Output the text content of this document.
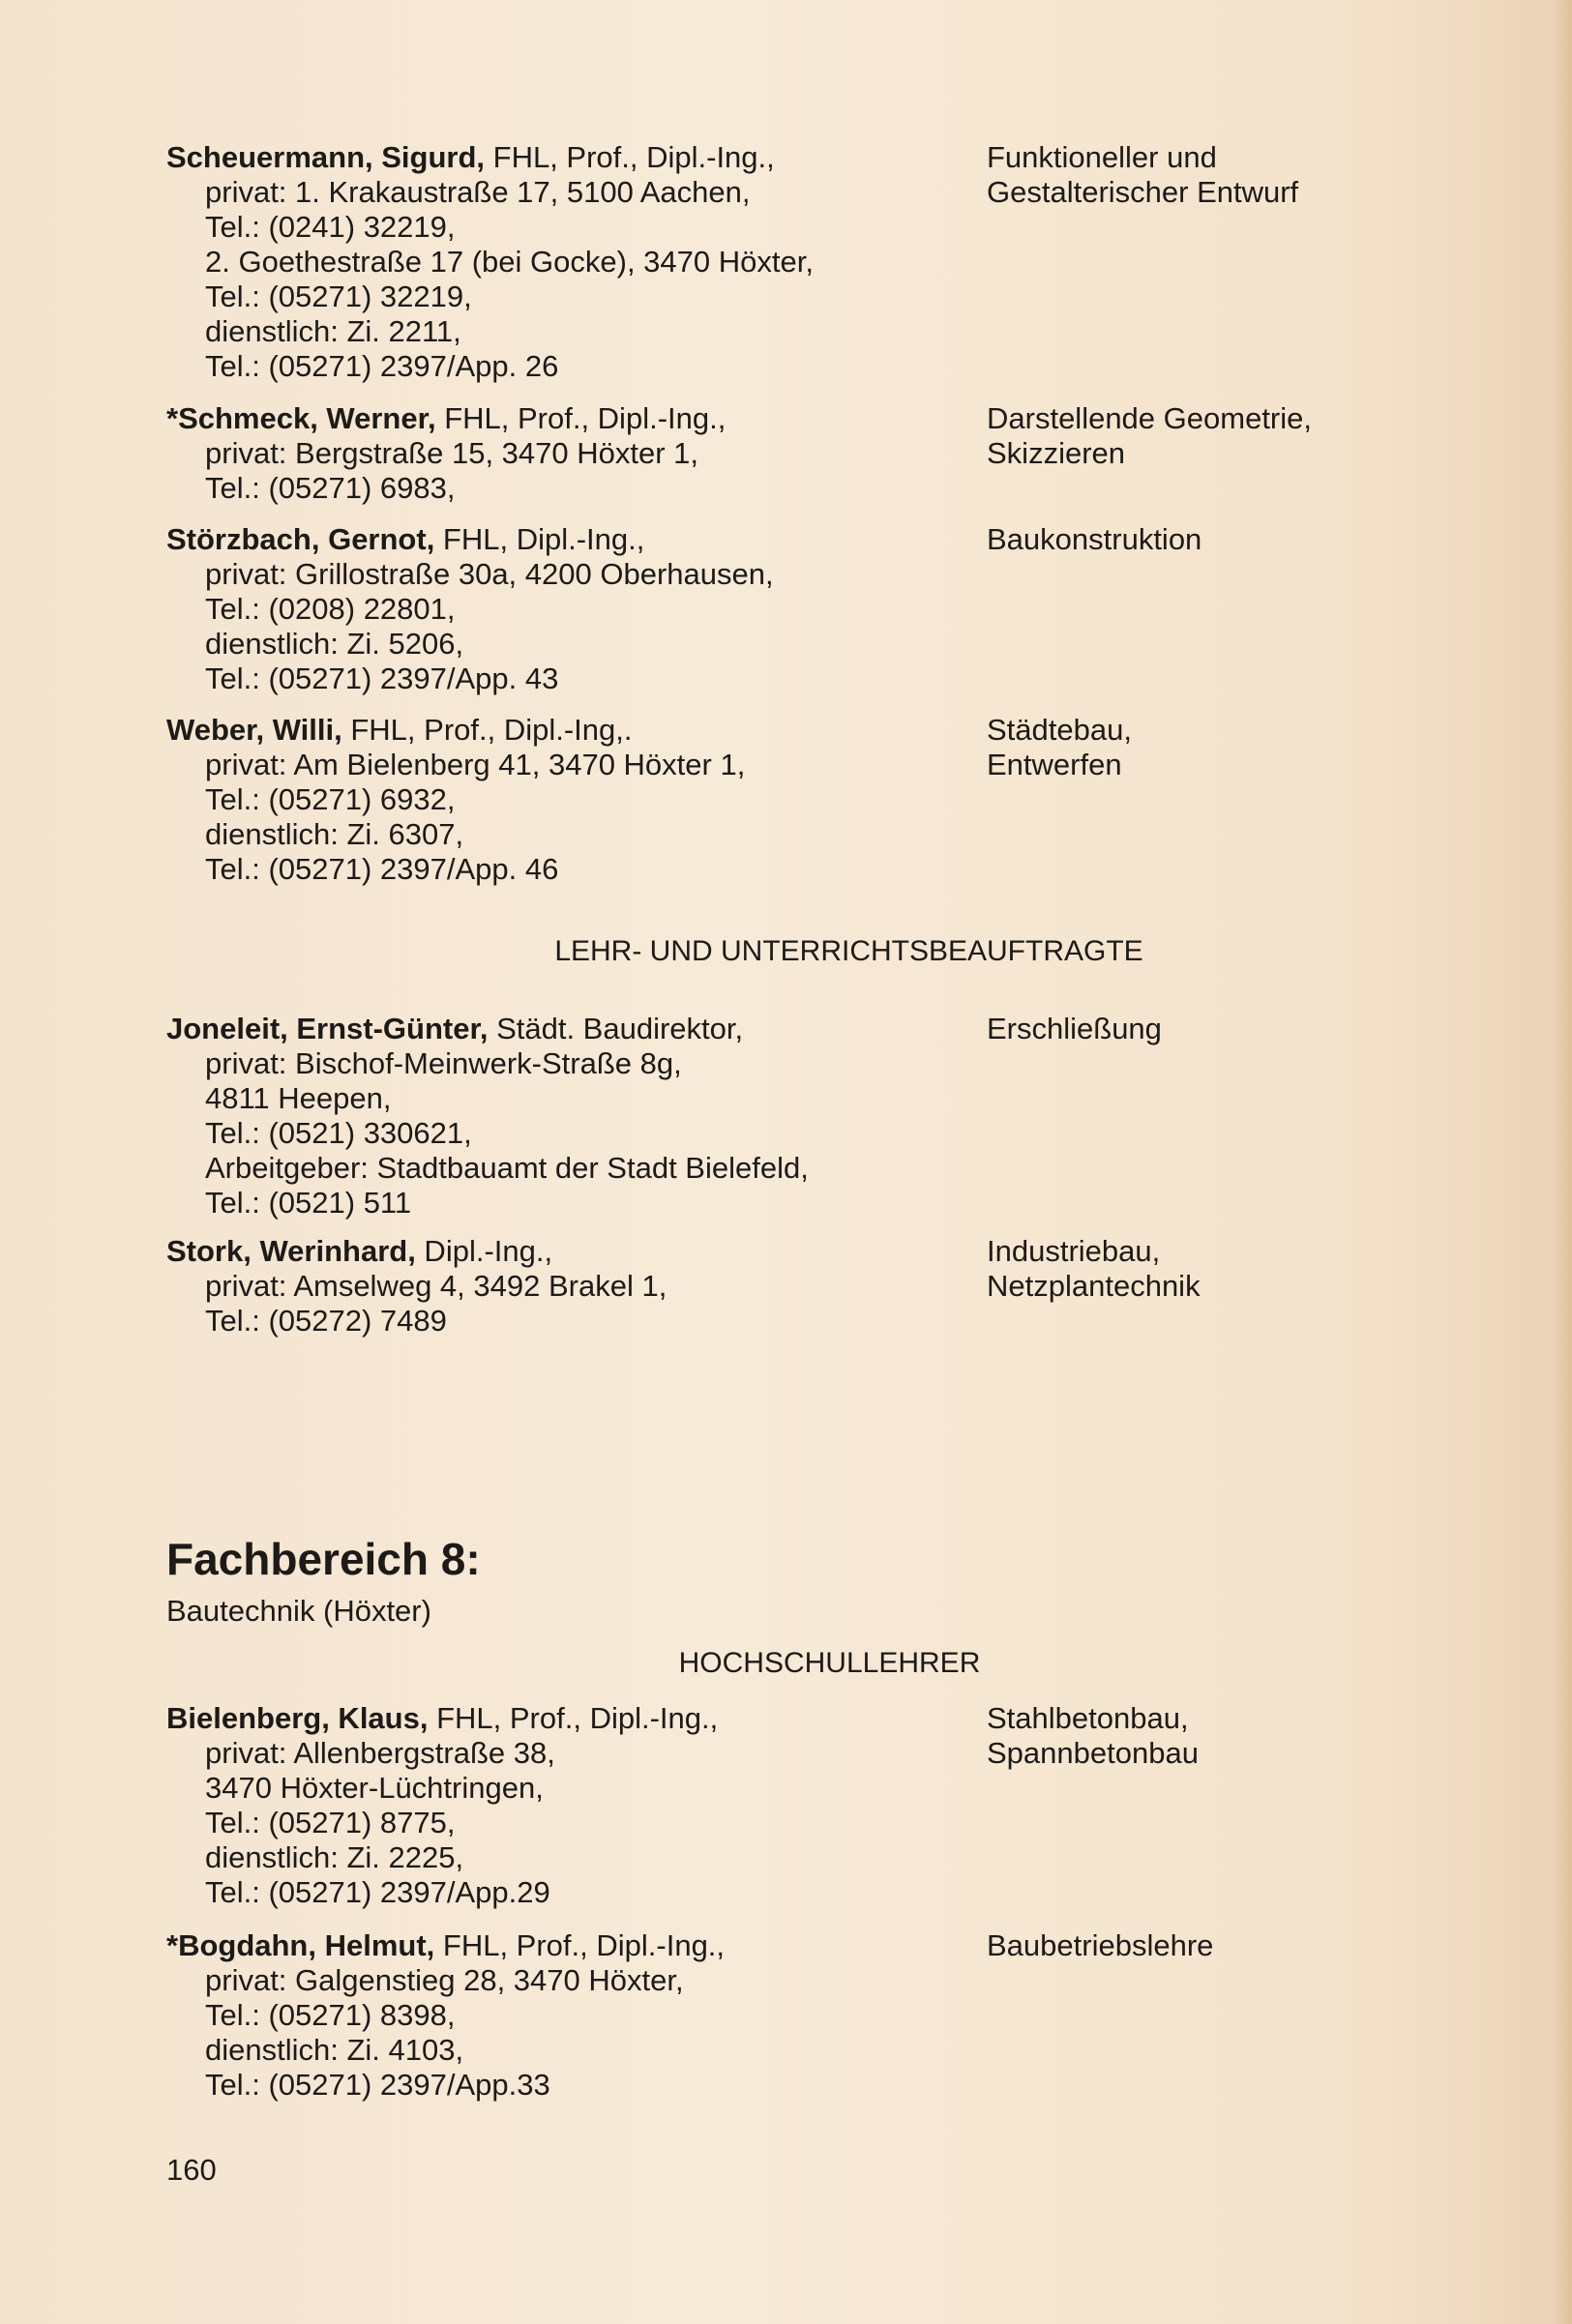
Scheuermann, Sigurd, FHL, Prof., Dipl.-Ing.,
privat: 1. Krakaustraße 17, 5100 Aachen,
Tel.: (0241) 32219,
2. Goethestraße 17 (bei Gocke), 3470 Höxter,
Tel.: (05271) 32219,
dienstlich: Zi. 2211,
Tel.: (05271) 2397/App. 26
Funktioneller und
Gestalterischer Entwurf
*Schmeck, Werner, FHL, Prof., Dipl.-Ing.,
privat: Bergstraße 15, 3470 Höxter 1,
Tel.: (05271) 6983,
Darstellende Geometrie,
Skizzieren
Störzbach, Gernot, FHL, Dipl.-Ing.,
privat: Grillostraße 30a, 4200 Oberhausen,
Tel.: (0208) 22801,
dienstlich: Zi. 5206,
Tel.: (05271) 2397/App. 43
Baukonstruktion
Weber, Willi, FHL, Prof., Dipl.-Ing,.
privat: Am Bielenberg 41, 3470 Höxter 1,
Tel.: (05271) 6932,
dienstlich: Zi. 6307,
Tel.: (05271) 2397/App. 46
Städtebau,
Entwerfen
LEHR- UND UNTERRICHTSBEAUFTRAGTE
Joneleit, Ernst-Günter, Städt. Baudirektor,
privat: Bischof-Meinwerk-Straße 8g,
4811 Heepen,
Tel.: (0521) 330621,
Arbeitgeber: Stadtbauamt der Stadt Bielefeld,
Tel.: (0521) 511
Erschließung
Stork, Werinhard, Dipl.-Ing.,
privat: Amselweg 4, 3492 Brakel 1,
Tel.: (05272) 7489
Industriebau,
Netzplantechnik
Fachbereich 8:
Bautechnik (Höxter)
HOCHSCHULLEHRER
Bielenberg, Klaus, FHL, Prof., Dipl.-Ing.,
privat: Allenbergstraße 38,
3470 Höxter-Lüchtringen,
Tel.: (05271) 8775,
dienstlich: Zi. 2225,
Tel.: (05271) 2397/App.29
Stahlbetonbau,
Spannbetonbau
*Bogdahn, Helmut, FHL, Prof., Dipl.-Ing.,
privat: Galgenstieg 28, 3470 Höxter,
Tel.: (05271) 8398,
dienstlich: Zi. 4103,
Tel.: (05271) 2397/App.33
Baubetriebslehre
160
